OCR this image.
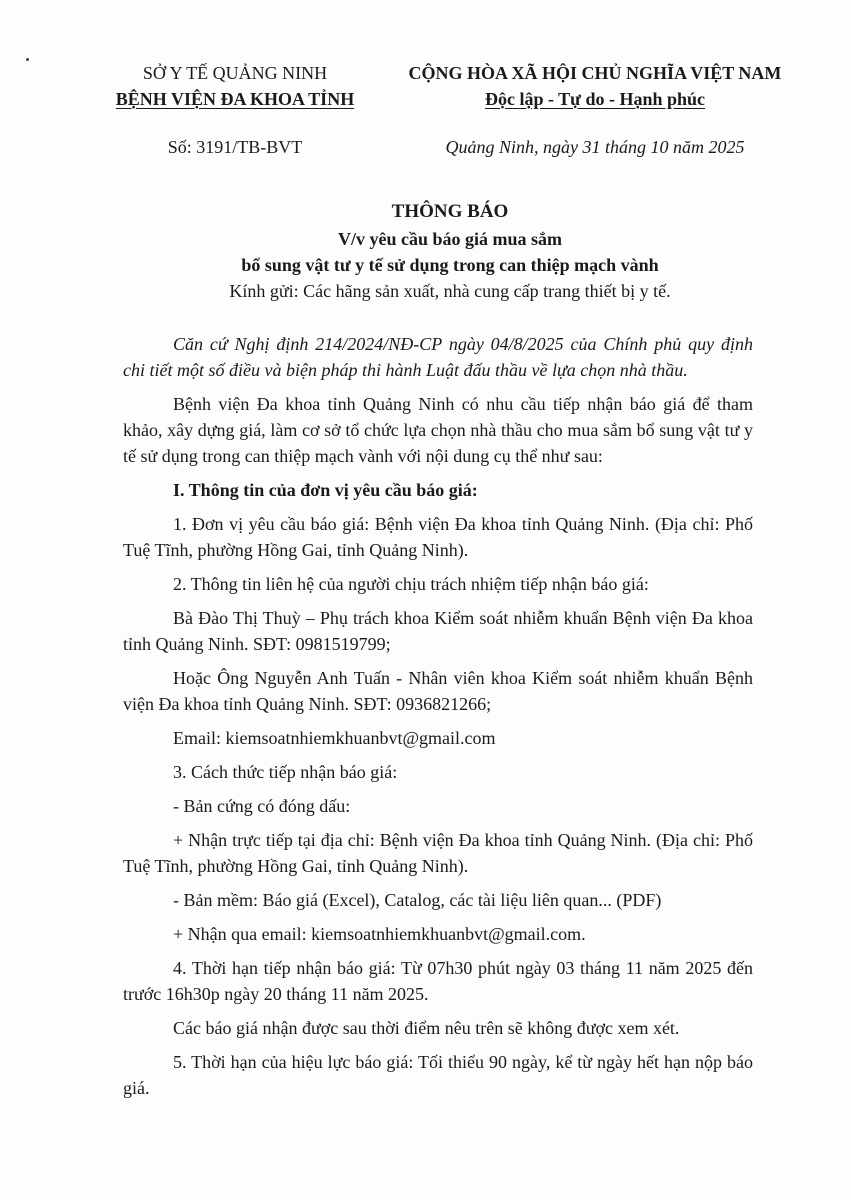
SỞ Y TẾ QUẢNG NINH
BỆNH VIỆN ĐA KHOA TỈNH
CỘNG HÒA XÃ HỘI CHỦ NGHĨA VIỆT NAM
Độc lập - Tự do - Hạnh phúc
Số: 3191/TB-BVT	Quảng Ninh, ngày 31 tháng 10 năm 2025
THÔNG BÁO
V/v yêu cầu báo giá mua sắm
bổ sung vật tư y tế sử dụng trong can thiệp mạch vành
Kính gửi: Các hãng sản xuất, nhà cung cấp trang thiết bị y tế.

Căn cứ Nghị định 214/2024/NĐ-CP ngày 04/8/2025 của Chính phủ quy định chi tiết một số điều và biện pháp thi hành Luật đấu thầu về lựa chọn nhà thầu.

Bệnh viện Đa khoa tỉnh Quảng Ninh có nhu cầu tiếp nhận báo giá để tham khảo, xây dựng giá, làm cơ sở tổ chức lựa chọn nhà thầu cho mua sắm bổ sung vật tư y tế sử dụng trong can thiệp mạch vành với nội dung cụ thể như sau:

I. Thông tin của đơn vị yêu cầu báo giá:

1. Đơn vị yêu cầu báo giá: Bệnh viện Đa khoa tỉnh Quảng Ninh. (Địa chỉ: Phố Tuệ Tĩnh, phường Hồng Gai, tỉnh Quảng Ninh).

2. Thông tin liên hệ của người chịu trách nhiệm tiếp nhận báo giá:

Bà Đào Thị Thuỳ – Phụ trách khoa Kiểm soát nhiễm khuẩn Bệnh viện Đa khoa tỉnh Quảng Ninh. SĐT: 0981519799;

Hoặc Ông Nguyễn Anh Tuấn - Nhân viên khoa Kiểm soát nhiễm khuẩn Bệnh viện Đa khoa tỉnh Quảng Ninh. SĐT: 0936821266;

Email: kiemsoatnhiemkhuanbvt@gmail.com

3. Cách thức tiếp nhận báo giá:

- Bản cứng có đóng dấu:

+ Nhận trực tiếp tại địa chỉ: Bệnh viện Đa khoa tỉnh Quảng Ninh. (Địa chỉ: Phố Tuệ Tĩnh, phường Hồng Gai, tỉnh Quảng Ninh).

- Bản mềm: Báo giá (Excel), Catalog, các tài liệu liên quan... (PDF)

+ Nhận qua email: kiemsoatnhiemkhuanbvt@gmail.com.

4. Thời hạn tiếp nhận báo giá: Từ 07h30 phút ngày 03 tháng 11 năm 2025 đến trước 16h30p ngày 20 tháng 11 năm 2025.

Các báo giá nhận được sau thời điểm nêu trên sẽ không được xem xét.

5. Thời hạn của hiệu lực báo giá: Tối thiểu 90 ngày, kể từ ngày hết hạn nộp báo giá.
